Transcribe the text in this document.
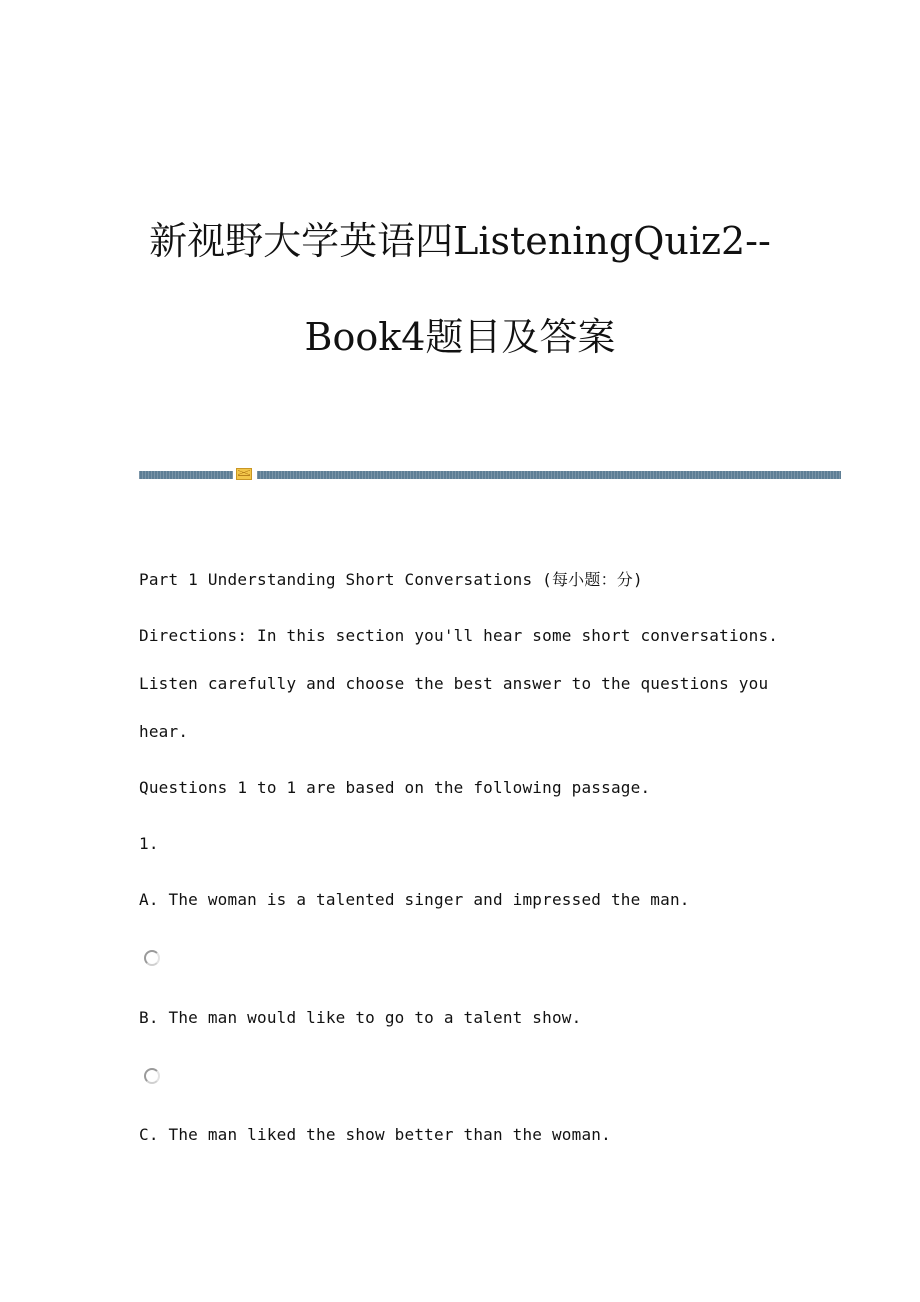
新视野大学英语四ListeningQuiz2--
Book4题目及答案
Part 1 Understanding Short Conversations (每小题：分)
Directions: In this section you'll hear some short conversations.
Listen carefully and choose the best answer to the questions you
hear.
Questions 1 to 1 are based on the following passage.
1.
A. The woman is a talented singer and impressed the man.
B. The man would like to go to a talent show.
C. The man liked the show better than the woman.
